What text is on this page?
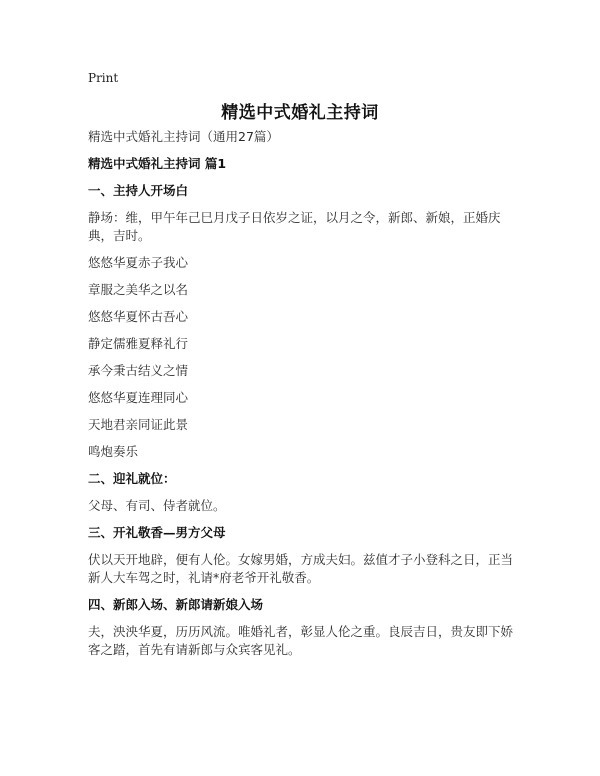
Print
精选中式婚礼主持词

精选中式婚礼主持词（通用27篇）

精选中式婚礼主持词 篇1

一、主持人开场白

静场：维，甲午年己巳月戊子日依岁之证，以月之令，新郎、新娘，正婚庆典，吉时。

悠悠华夏赤子我心

章服之美华之以名

悠悠华夏怀古吾心

静定儒雅夏释礼行

承今秉古结义之情

悠悠华夏连理同心

天地君亲同证此景

鸣炮奏乐

二、迎礼就位：

父母、有司、侍者就位。

三、开礼敬香—男方父母

伏以天开地辟，便有人伦。女嫁男婚，方成夫妇。兹值才子小登科之日，正当新人大车驾之时，礼请*府老爷开礼敬香。

四、新郎入场、新郎请新娘入场

夫，泱泱华夏，历历风流。唯婚礼者，彰显人伦之重。良辰吉日，贵友即下娇客之踏，首先有请新郎与众宾客见礼。
